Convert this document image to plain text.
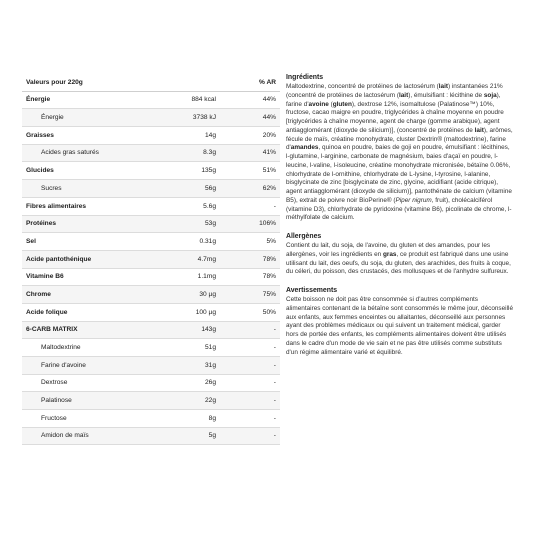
Valeurs pour 220g	% AR
Énergie	884 kcal	44%
Énergie	3738 kJ	44%
Graisses	14g	20%
Acides gras saturés	8.3g	41%
Glucides	135g	51%
Sucres	56g	62%
Fibres alimentaires	5.6g	-
Protéines	53g	106%
Sel	0.31g	5%
Acide pantothénique	4.7mg	78%
Vitamine B6	1.1mg	78%
Chrome	30 µg	75%
Acide folique	100 µg	50%
6-CARB MATRIX	143g	-
Maltodextrine	51g	-
Farine d'avoine	31g	-
Dextrose	26g	-
Palatinose	22g	-
Fructose	8g	-
Amidon de maïs	5g	-
Ingrédients

Maltodextrine, concentré de protéines de lactosérum (lait) instantanées 21% (concentré de protéines de lactosérum (lait), émulsifiant : lécithine de soja), farine d'avoine (gluten), dextrose 12%, isomaltulose (Palatinose™) 10%, fructose, cacao maigre en poudre, triglycérides à chaîne moyenne en poudre [triglycérides à chaîne moyenne, agent de charge (gomme arabique), agent antiagglomérant (dioxyde de silicium)], (concentré de protéines de lait), arômes, fécule de maïs, créatine monohydrate, cluster Dextrin® (maltodextrine), farine d'amandes, quinoa en poudre, baies de goji en poudre, émulsifiant : lécithines, l-glutamine, l-arginine, carbonate de magnésium, baies d'açaï en poudre, l-leucine, l-valine, l-isoleucine, créatine monohydrate micronisée, bétaïne 0.06%, chlorhydrate de l-ornithine, chlorhydrate de L-lysine, l-tyrosine, l-alanine, bisglycinate de zinc [bisglycinate de zinc, glycine, acidifiant (acide citrique), agent antiagglomérant (dioxyde de silicium)], pantothénate de calcium (vitamine B5), extrait de poivre noir BioPerine® (Piper nigrum, fruit), cholécalciférol (vitamine D3), chlorhydrate de pyridoxine (vitamine B6), picolinate de chrome, l-méthylfolate de calcium.

Allergènes

Contient du lait, du soja, de l'avoine, du gluten et des amandes, pour les allergènes, voir les ingrédients en gras, ce produit est fabriqué dans une usine utilisant du lait, des oeufs, du soja, du gluten, des arachides, des fruits à coque, du céleri, du poisson, des crustacés, des mollusques et de l'anhydre sulfureux.

Avertissements

Cette boisson ne doit pas être consommée si d'autres compléments alimentaires contenant de la bétaïne sont consommés le même jour, déconseillé aux enfants, aux femmes enceintes ou allaitantes, déconseillé aux personnes ayant des problèmes médicaux ou qui suivent un traitement médical, garder hors de portée des enfants, les compléments alimentaires doivent être utilisés dans le cadre d'un mode de vie sain et ne pas être utilisés comme substituts d'un régime alimentaire varié et équilibré.
